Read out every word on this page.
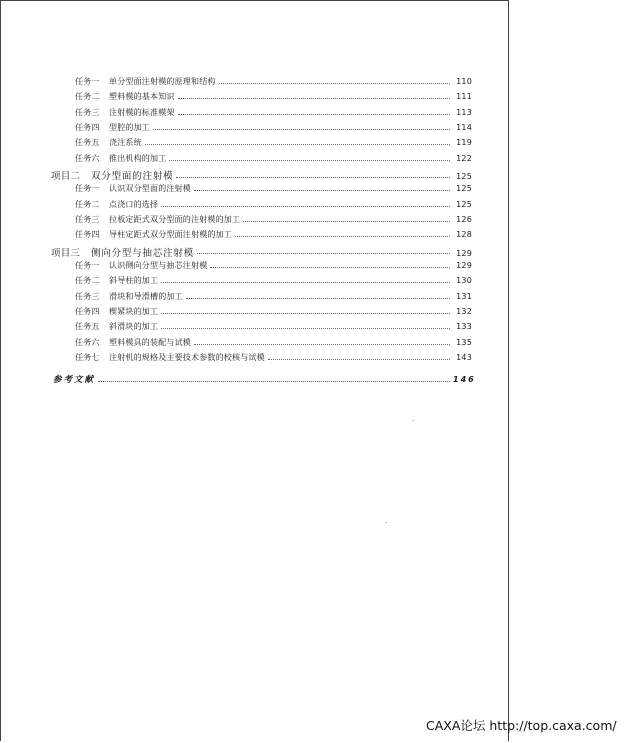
任务一	单分型面注射模的原理和结构	110
任务二	塑料模的基本知识	111
任务三	注射模的标准模架	113
任务四	型腔的加工	114
任务五	浇注系统	119
任务六	推出机构的加工	122
项目二	双分型面的注射模	125
任务一	认识双分型面的注射模	125
任务二	点浇口的选择	125
任务三	拉板定距式双分型面的注射模的加工	126
任务四	导柱定距式双分型面注射模的加工	128
项目三	侧向分型与抽芯注射模	129
任务一	认识侧向分型与抽芯注射模	129
任务二	斜导柱的加工	130
任务三	滑块和导滑槽的加工	131
任务四	楔紧块的加工	132
任务五	斜滑块的加工	133
任务六	塑料模具的装配与试模	135
任务七	注射机的规格及主要技术参数的校核与试模	143
参考文献	146
CAXA论坛 http://top.caxa.com/
